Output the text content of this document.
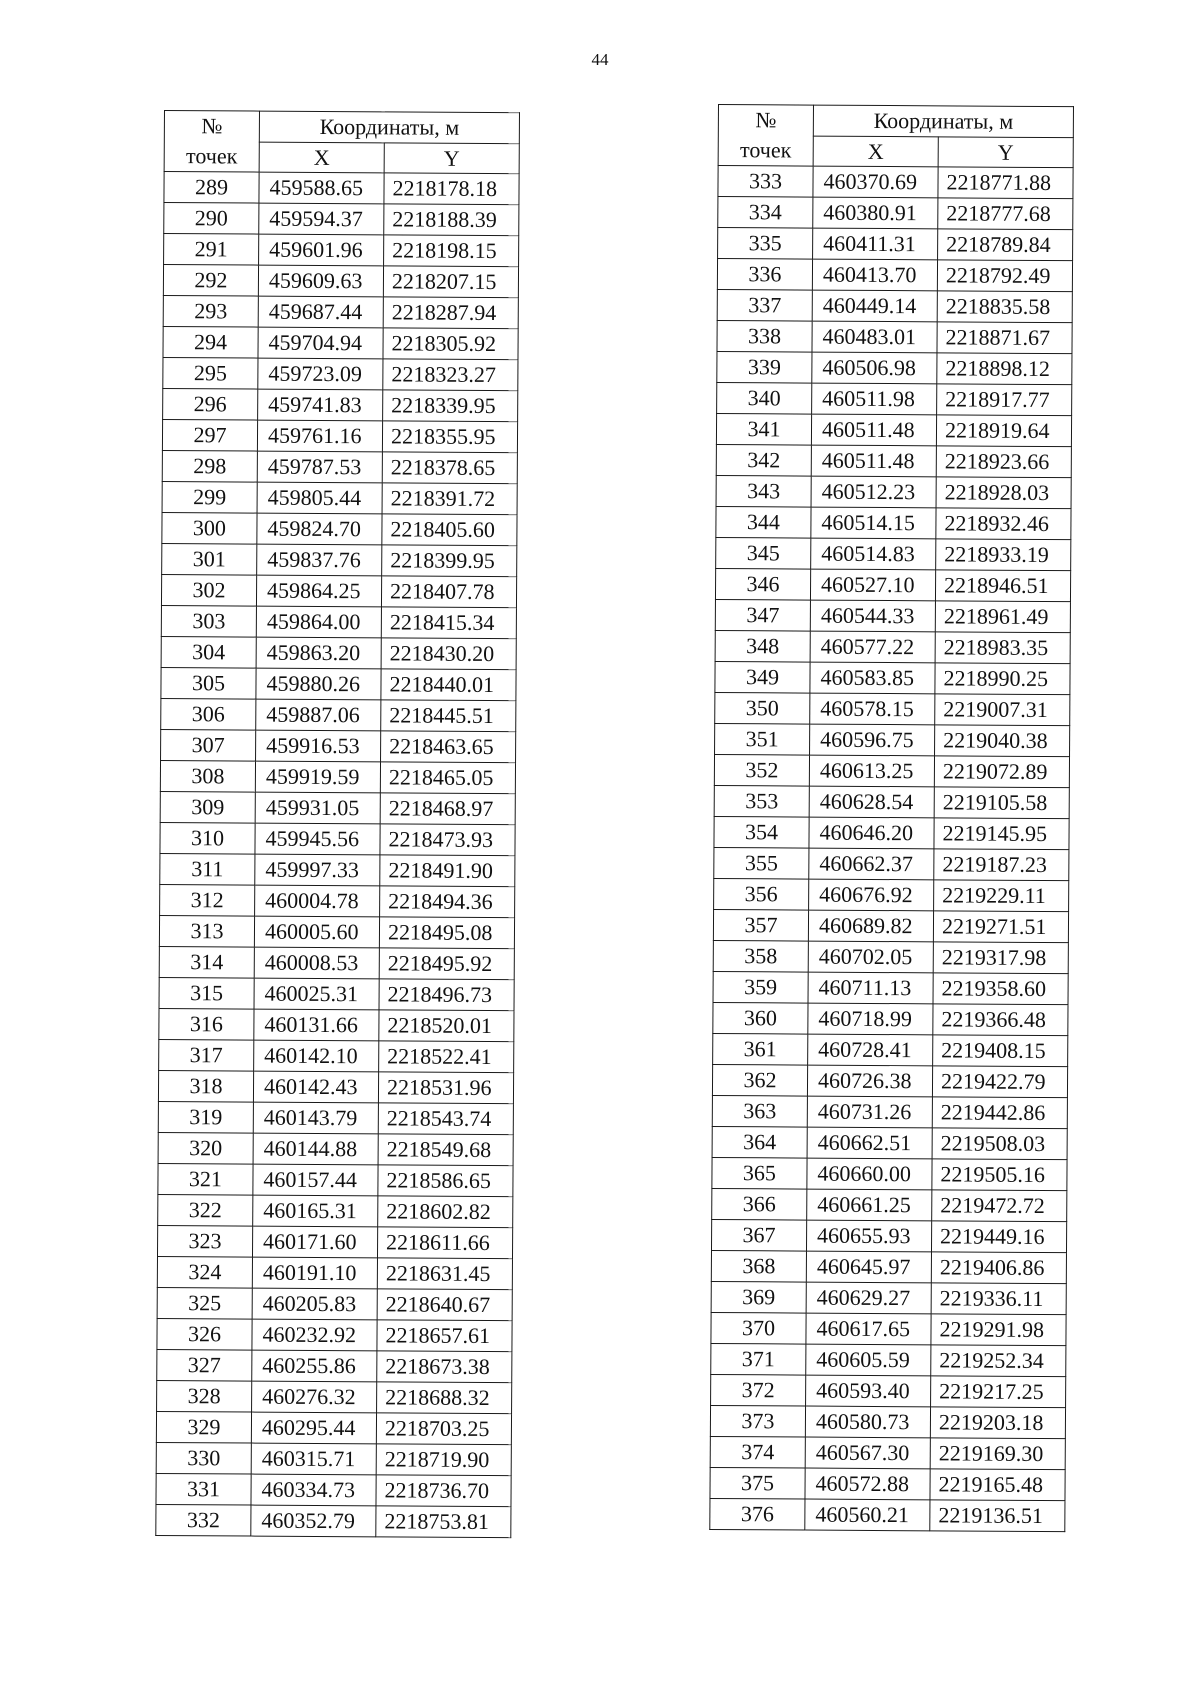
44
№
точек	Координаты, м	
	X	Y
289	459588.65	2218178.18
290	459594.37	2218188.39
291	459601.96	2218198.15
292	459609.63	2218207.15
293	459687.44	2218287.94
294	459704.94	2218305.92
295	459723.09	2218323.27
296	459741.83	2218339.95
297	459761.16	2218355.95
298	459787.53	2218378.65
299	459805.44	2218391.72
300	459824.70	2218405.60
301	459837.76	2218399.95
302	459864.25	2218407.78
303	459864.00	2218415.34
304	459863.20	2218430.20
305	459880.26	2218440.01
306	459887.06	2218445.51
307	459916.53	2218463.65
308	459919.59	2218465.05
309	459931.05	2218468.97
310	459945.56	2218473.93
311	459997.33	2218491.90
312	460004.78	2218494.36
313	460005.60	2218495.08
314	460008.53	2218495.92
315	460025.31	2218496.73
316	460131.66	2218520.01
317	460142.10	2218522.41
318	460142.43	2218531.96
319	460143.79	2218543.74
320	460144.88	2218549.68
321	460157.44	2218586.65
322	460165.31	2218602.82
323	460171.60	2218611.66
324	460191.10	2218631.45
325	460205.83	2218640.67
326	460232.92	2218657.61
327	460255.86	2218673.38
328	460276.32	2218688.32
329	460295.44	2218703.25
330	460315.71	2218719.90
331	460334.73	2218736.70
332	460352.79	2218753.81
№
точек	Координаты, м	
	X	Y
333	460370.69	2218771.88
334	460380.91	2218777.68
335	460411.31	2218789.84
336	460413.70	2218792.49
337	460449.14	2218835.58
338	460483.01	2218871.67
339	460506.98	2218898.12
340	460511.98	2218917.77
341	460511.48	2218919.64
342	460511.48	2218923.66
343	460512.23	2218928.03
344	460514.15	2218932.46
345	460514.83	2218933.19
346	460527.10	2218946.51
347	460544.33	2218961.49
348	460577.22	2218983.35
349	460583.85	2218990.25
350	460578.15	2219007.31
351	460596.75	2219040.38
352	460613.25	2219072.89
353	460628.54	2219105.58
354	460646.20	2219145.95
355	460662.37	2219187.23
356	460676.92	2219229.11
357	460689.82	2219271.51
358	460702.05	2219317.98
359	460711.13	2219358.60
360	460718.99	2219366.48
361	460728.41	2219408.15
362	460726.38	2219422.79
363	460731.26	2219442.86
364	460662.51	2219508.03
365	460660.00	2219505.16
366	460661.25	2219472.72
367	460655.93	2219449.16
368	460645.97	2219406.86
369	460629.27	2219336.11
370	460617.65	2219291.98
371	460605.59	2219252.34
372	460593.40	2219217.25
373	460580.73	2219203.18
374	460567.30	2219169.30
375	460572.88	2219165.48
376	460560.21	2219136.51
